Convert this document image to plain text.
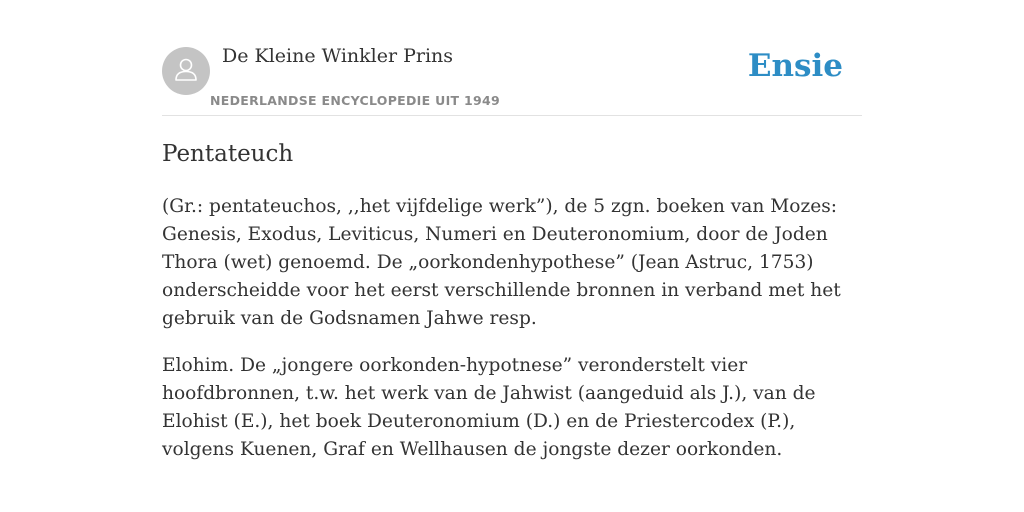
De Kleine Winkler Prins
NEDERLANDSE ENCYCLOPEDIE UIT 1949
Ensie
Pentateuch

(Gr.: pentateuchos, ,,het vijfdelige werk”), de 5 zgn. boeken van Mozes: Genesis, Exodus, Leviticus, Numeri en Deuteronomium, door de Joden Thora (wet) genoemd. De „oorkondenhypothese” (Jean Astruc, 1753) onderscheidde voor het eerst verschillende bronnen in verband met het gebruik van de Godsnamen Jahwe resp.

Elohim. De „jongere oorkonden-hypotnese” veronderstelt vier hoofdbronnen, t.w. het werk van de Jahwist (aangeduid als J.), van de Elohist (E.), het boek Deuteronomium (D.) en de Priestercodex (P.), volgens Kuenen, Graf en Wellhausen de jongste dezer oorkonden.
